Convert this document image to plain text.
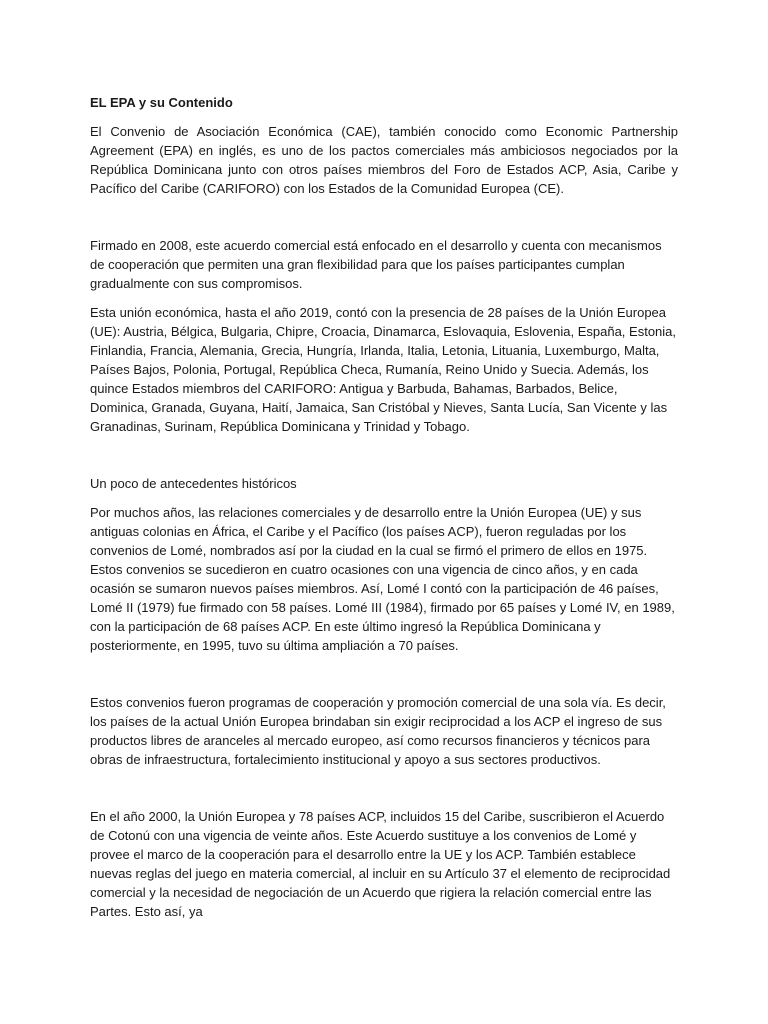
EL EPA y su Contenido

El Convenio de Asociación Económica (CAE), también conocido como Economic Partnership Agreement (EPA) en inglés, es uno de los pactos comerciales más ambiciosos negociados por la República Dominicana junto con otros países miembros del Foro de Estados ACP, Asia, Caribe y Pacífico del Caribe (CARIFORO) con los Estados de la Comunidad Europea (CE).

Firmado en 2008, este acuerdo comercial está enfocado en el desarrollo y cuenta con mecanismos de cooperación que permiten una gran flexibilidad para que los países participantes cumplan gradualmente con sus compromisos.

Esta unión económica, hasta el año 2019, contó con la presencia de 28 países de la Unión Europea (UE): Austria, Bélgica, Bulgaria, Chipre, Croacia, Dinamarca, Eslovaquia, Eslovenia, España, Estonia, Finlandia, Francia, Alemania, Grecia, Hungría, Irlanda, Italia, Letonia, Lituania, Luxemburgo, Malta, Países Bajos, Polonia, Portugal, República Checa, Rumanía, Reino Unido y Suecia. Además, los quince Estados miembros del CARIFORO: Antigua y Barbuda, Bahamas, Barbados, Belice, Dominica, Granada, Guyana, Haití, Jamaica, San Cristóbal y Nieves, Santa Lucía, San Vicente y las Granadinas, Surinam, República Dominicana y Trinidad y Tobago.

Un poco de antecedentes históricos

Por muchos años, las relaciones comerciales y de desarrollo entre la Unión Europea (UE) y sus antiguas colonias en África, el Caribe y el Pacífico (los países ACP), fueron reguladas por los convenios de Lomé, nombrados así por la ciudad en la cual se firmó el primero de ellos en 1975. Estos convenios se sucedieron en cuatro ocasiones con una vigencia de cinco años, y en cada ocasión se sumaron nuevos países miembros. Así, Lomé I contó con la participación de 46 países, Lomé II (1979) fue firmado con 58 países. Lomé III (1984), firmado por 65 países y Lomé IV, en 1989, con la participación de 68 países ACP. En este último ingresó la República Dominicana y posteriormente, en 1995, tuvo su última ampliación a 70 países.

Estos convenios fueron programas de cooperación y promoción comercial de una sola vía. Es decir, los países de la actual Unión Europea brindaban sin exigir reciprocidad a los ACP el ingreso de sus productos libres de aranceles al mercado europeo, así como recursos financieros y técnicos para obras de infraestructura, fortalecimiento institucional y apoyo a sus sectores productivos.

En el año 2000, la Unión Europea y 78 países ACP, incluidos 15 del Caribe, suscribieron el Acuerdo de Cotonú con una vigencia de veinte años. Este Acuerdo sustituye a los convenios de Lomé y provee el marco de la cooperación para el desarrollo entre la UE y los ACP. También establece nuevas reglas del juego en materia comercial, al incluir en su Artículo 37 el elemento de reciprocidad comercial y la necesidad de negociación de un Acuerdo que rigiera la relación comercial entre las Partes. Esto así, ya
